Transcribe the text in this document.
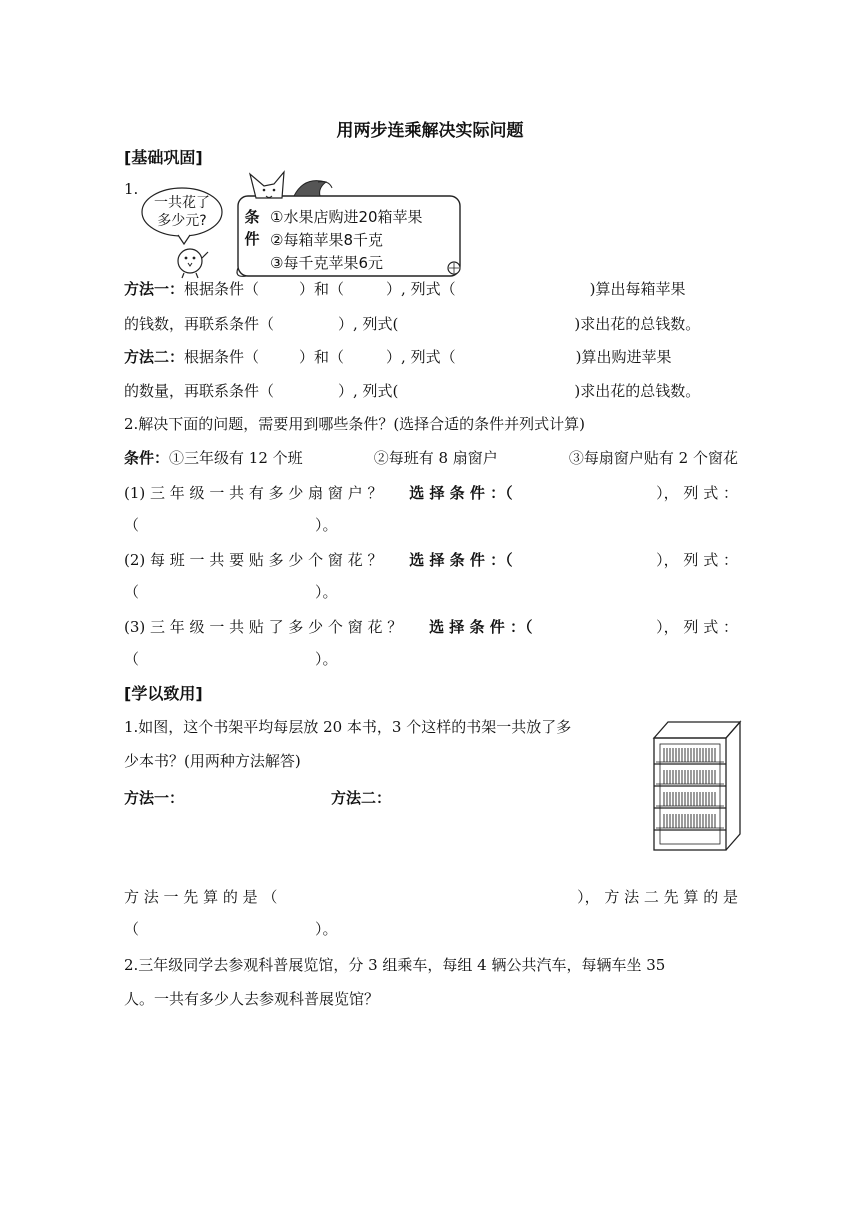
用两步连乘解决实际问题
[基础巩固]
1.
一共花了
多少元?	条
件
①水果店购进20箱苹果
②每箱苹果8千克
③每千克苹果6元
方法一：根据条件（	）和（	）, 列式（	)算出每箱苹果
的钱数，再联系条件（	）, 列式(	)求出花的总钱数。
方法二：根据条件（	）和（	）, 列式（	)算出购进苹果
的数量，再联系条件（	）, 列式(	)求出花的总钱数。
2.解决下面的问题，需要用到哪些条件？(选择合适的条件并列式计算)
条件：①三年级有 12 个班	②每班有 8 扇窗户	③每扇窗户贴有 2 个窗花
(1) 三 年 级 一 共 有 多 少 扇 窗 户 ？ 选 择 条 件 ：（	）， 列 式 ：
（	）。
(2) 每 班 一 共 要 贴 多 少 个 窗 花 ？ 选 择 条 件 ：（	）， 列 式 ：
（	）。
(3) 三 年 级 一 共 贴 了 多 少 个 窗 花 ？ 选 择 条 件 ：（	）， 列 式 ：
（	）。
[学以致用]
1.如图，这个书架平均每层放 20 本书，3 个这样的书架一共放了多
少本书？(用两种方法解答)
方法一：	方法二：
方 法 一 先 算 的 是 （	）， 方 法 二 先 算 的 是
（	）。
2.三年级同学去参观科普展览馆，分 3 组乘车，每组 4 辆公共汽车，每辆车坐 35
人。一共有多少人去参观科普展览馆？
